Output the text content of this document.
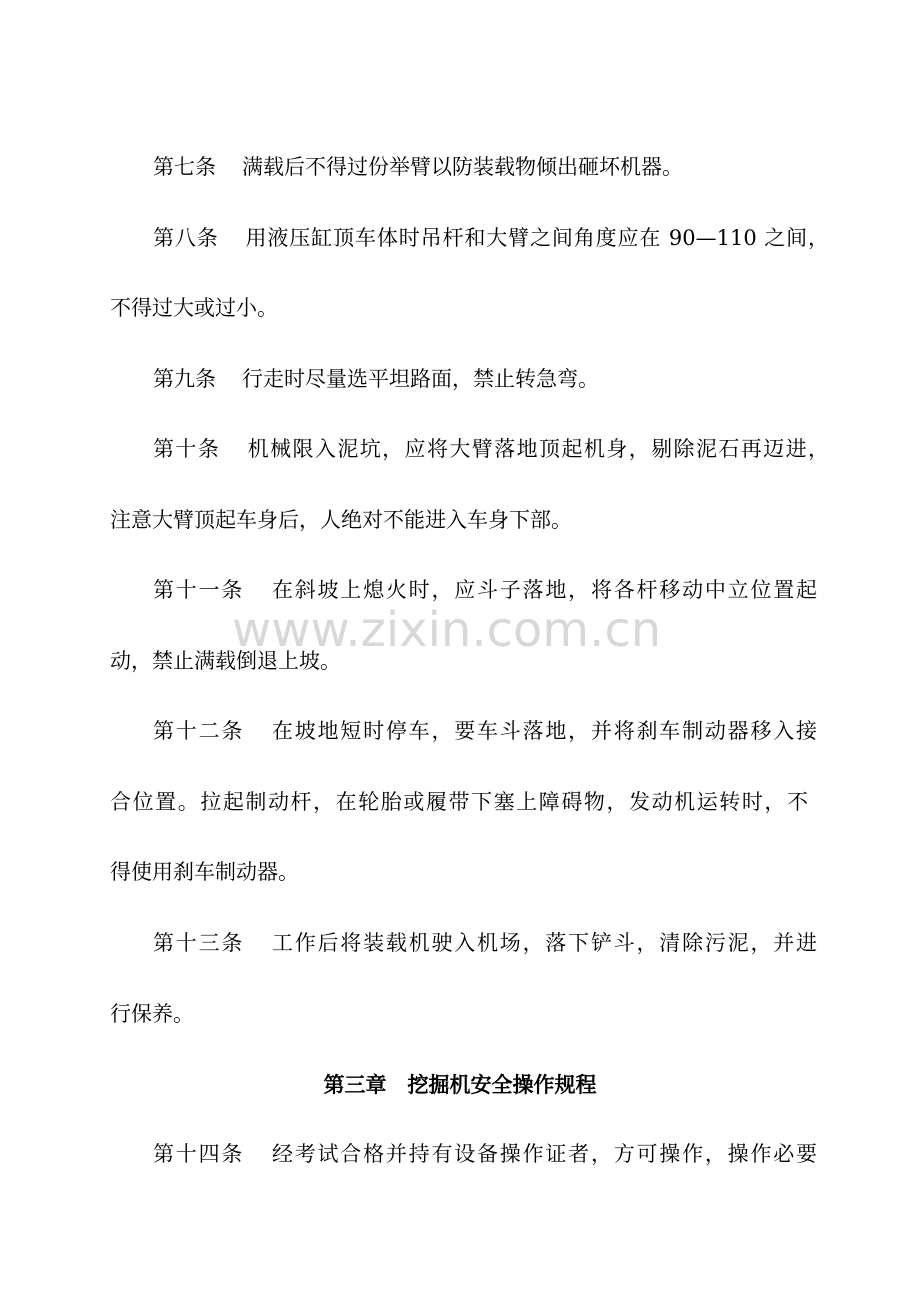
www.zixin.com.cn
第七条 满载后不得过份举臂以防装载物倾出砸坏机器。
第八条 用液压缸顶车体时吊杆和大臂之间角度应在 90—110 之间，
不得过大或过小。
第九条 行走时尽量选平坦路面，禁止转急弯。
第十条 机械限入泥坑，应将大臂落地顶起机身，剔除泥石再迈进，
注意大臂顶起车身后，人绝对不能进入车身下部。
第十一条 在斜坡上熄火时，应斗子落地，将各杆移动中立位置起
动，禁止满载倒退上坡。
第十二条 在坡地短时停车，要车斗落地，并将刹车制动器移入接
合位置。拉起制动杆，在轮胎或履带下塞上障碍物，发动机运转时，不
得使用刹车制动器。
第十三条 工作后将装载机驶入机场，落下铲斗，清除污泥，并进
行保养。
第三章　挖掘机安全操作规程
第十四条 经考试合格并持有设备操作证者，方可操作，操作必要
